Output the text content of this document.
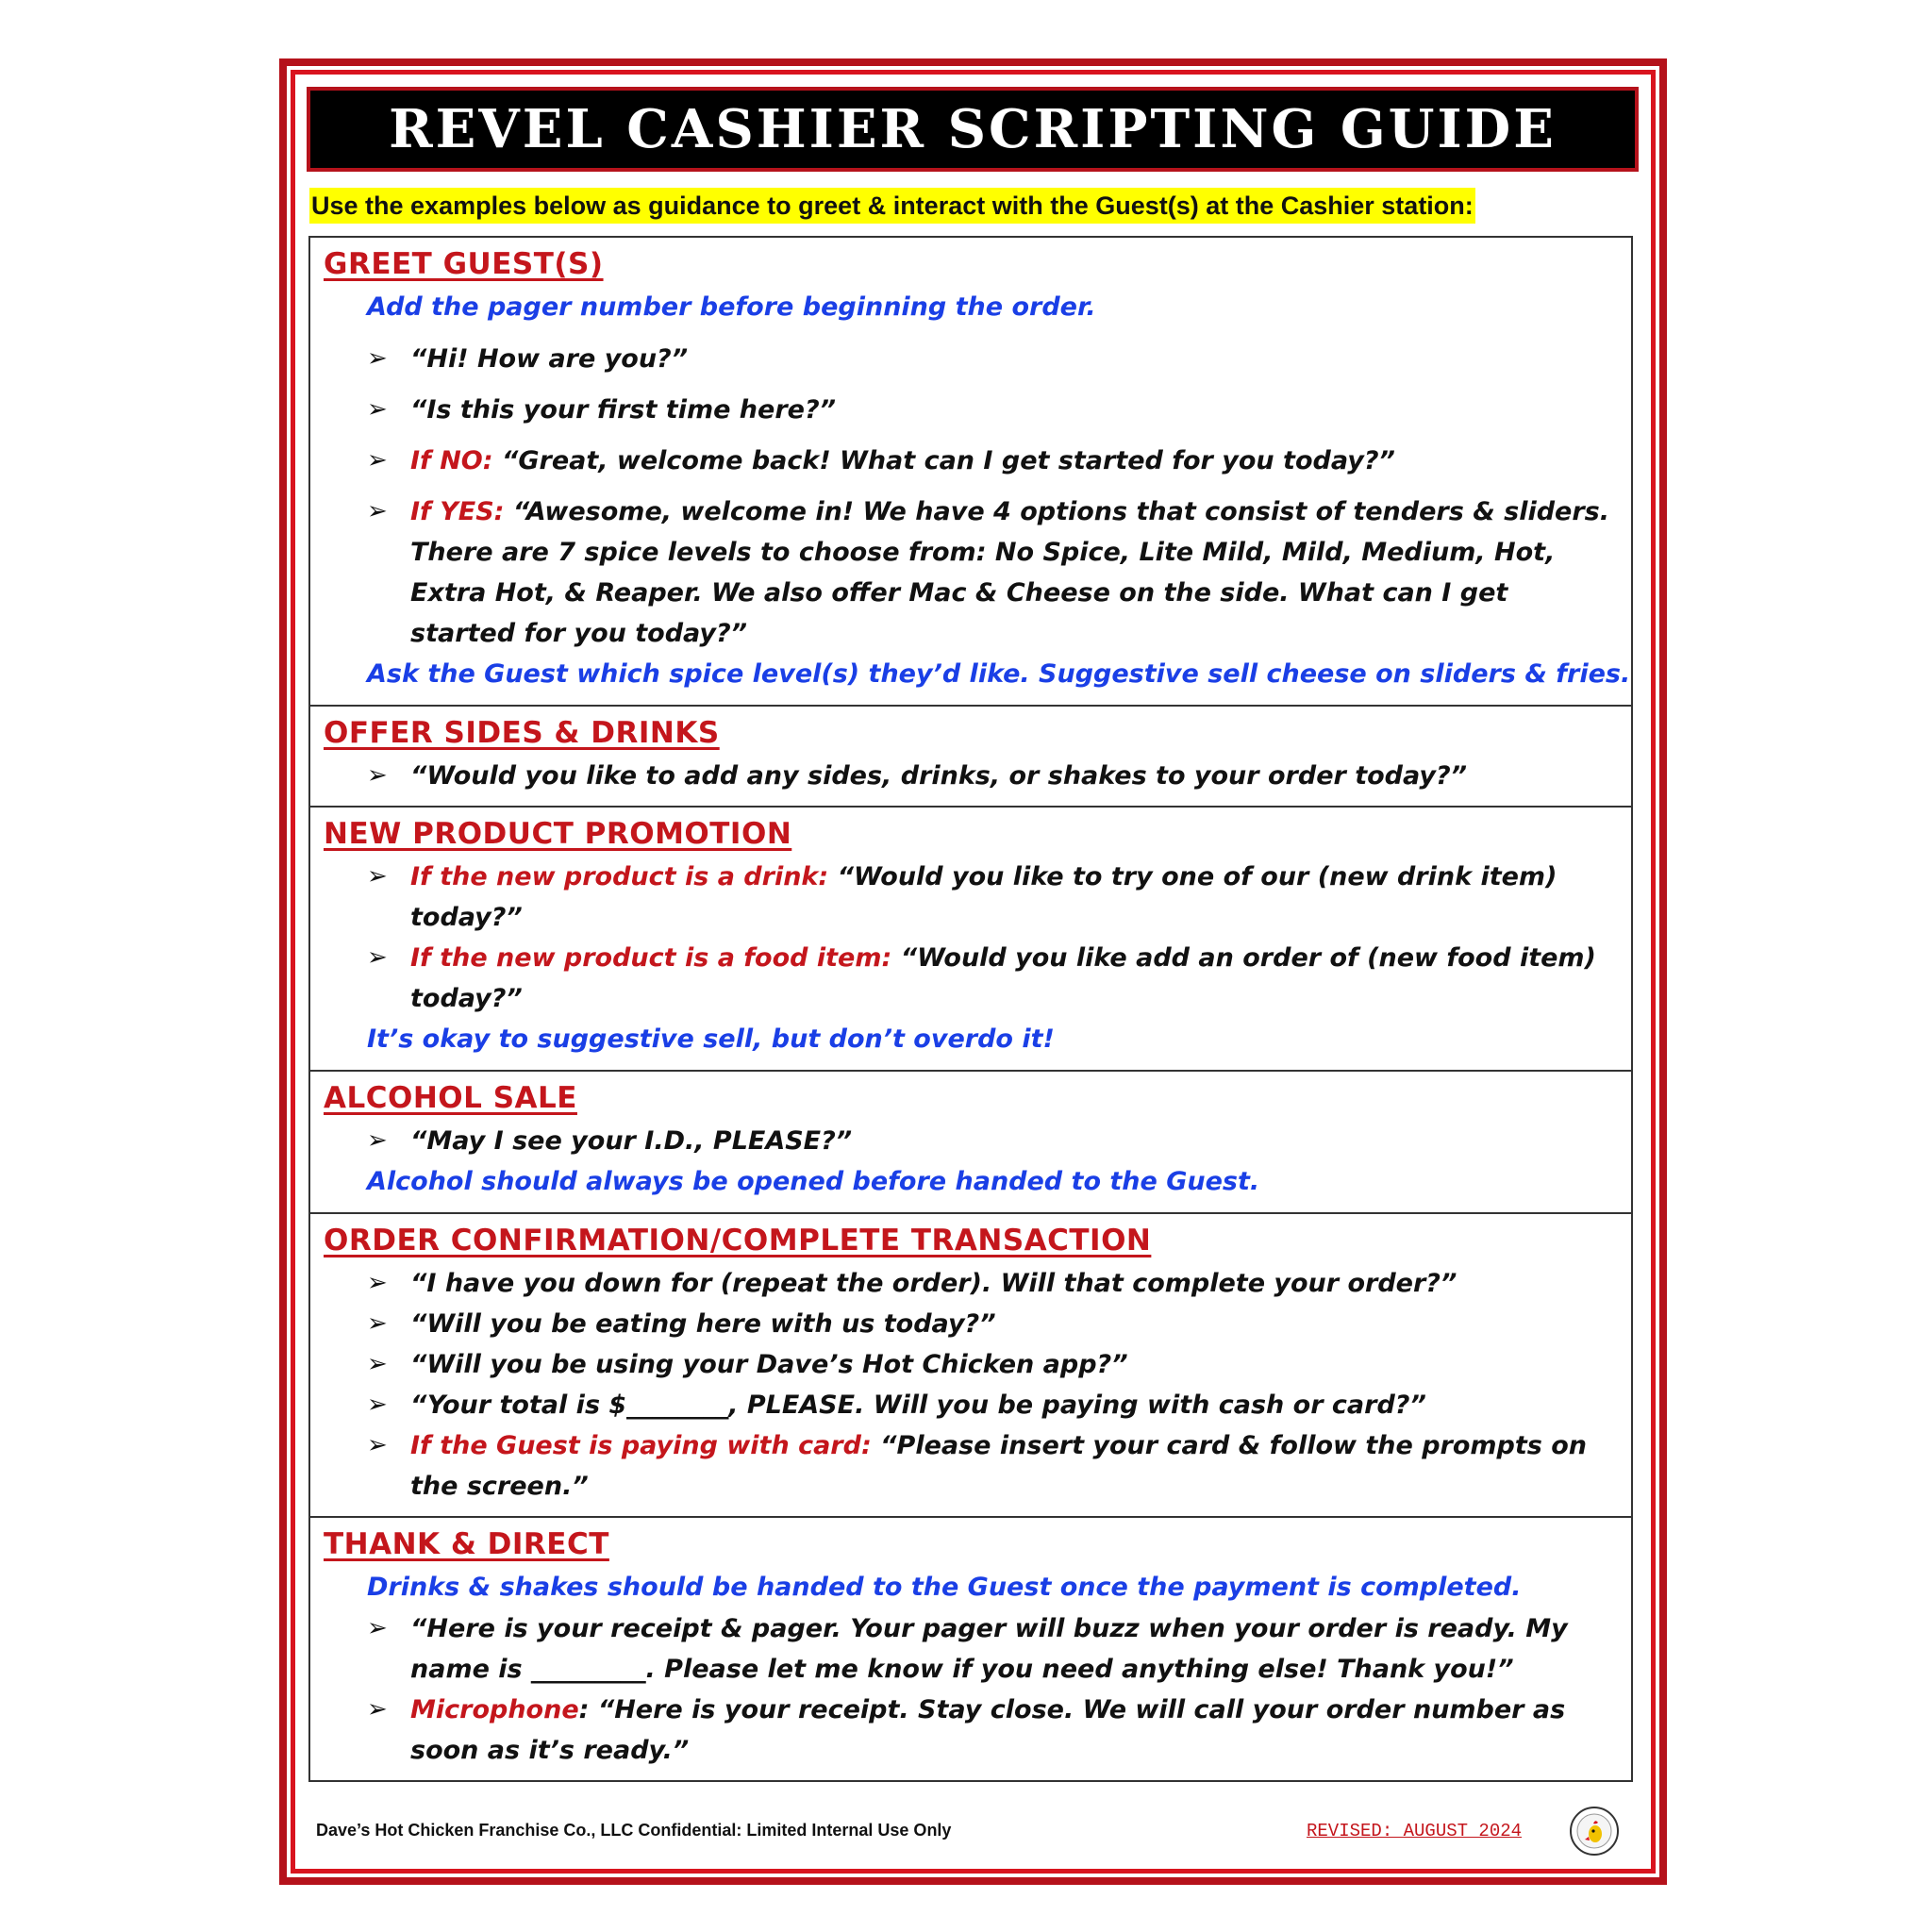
REVEL CASHIER SCRIPTING GUIDE
Use the examples below as guidance to greet & interact with the Guest(s) at the Cashier station:
GREET GUEST(S)
Add the pager number before beginning the order.
➢ “Hi! How are you?”
➢ “Is this your first time here?”
➢ If NO: “Great, welcome back! What can I get started for you today?”
➢ If YES: “Awesome, welcome in! We have 4 options that consist of tenders & sliders. There are 7 spice levels to choose from: No Spice, Lite Mild, Mild, Medium, Hot, Extra Hot, & Reaper. We also offer Mac & Cheese on the side. What can I get started for you today?”
Ask the Guest which spice level(s) they’d like. Suggestive sell cheese on sliders & fries.
OFFER SIDES & DRINKS
➢ “Would you like to add any sides, drinks, or shakes to your order today?”
NEW PRODUCT PROMOTION
➢ If the new product is a drink: “Would you like to try one of our (new drink item) today?”
➢ If the new product is a food item: “Would you like add an order of (new food item) today?”
It’s okay to suggestive sell, but don’t overdo it!
ALCOHOL SALE
➢ “May I see your I.D., PLEASE?”
Alcohol should always be opened before handed to the Guest.
ORDER CONFIRMATION/COMPLETE TRANSACTION
➢ “I have you down for (repeat the order). Will that complete your order?”
➢ “Will you be eating here with us today?”
➢ “Will you be using your Dave’s Hot Chicken app?”
➢ “Your total is $________, PLEASE. Will you be paying with cash or card?”
➢ If the Guest is paying with card: “Please insert your card & follow the prompts on the screen.”
THANK & DIRECT
Drinks & shakes should be handed to the Guest once the payment is completed.
➢ “Here is your receipt & pager. Your pager will buzz when your order is ready. My name is _________. Please let me know if you need anything else! Thank you!”
➢ Microphone: “Here is your receipt. Stay close. We will call your order number as soon as it’s ready.”
Dave’s Hot Chicken Franchise Co., LLC Confidential: Limited Internal Use Only	REVISED: AUGUST 2024
